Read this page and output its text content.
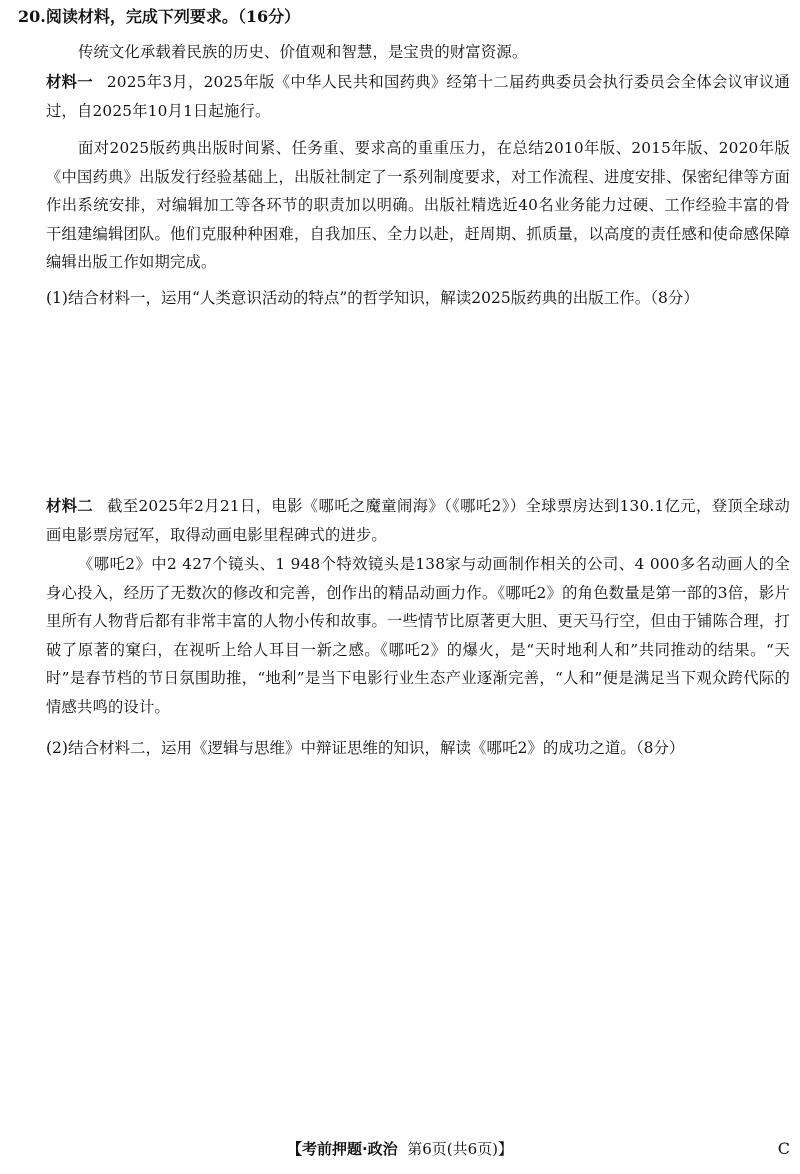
20.阅读材料，完成下列要求。（16分）
传统文化承载着民族的历史、价值观和智慧，是宝贵的财富资源。
材料一 2025年3月，2025年版《中华人民共和国药典》经第十二届药典委员会执行委员会全体会议审议通过，自2025年10月1日起施行。
面对2025版药典出版时间紧、任务重、要求高的重重压力，在总结2010年版、2015年版、2020年版《中国药典》出版发行经验基础上，出版社制定了一系列制度要求，对工作流程、进度安排、保密纪律等方面作出系统安排，对编辑加工等各环节的职责加以明确。出版社精选近40名业务能力过硬、工作经验丰富的骨干组建编辑团队。他们克服种种困难，自我加压、全力以赴，赶周期、抓质量，以高度的责任感和使命感保障编辑出版工作如期完成。
(1)结合材料一，运用“人类意识活动的特点”的哲学知识，解读2025版药典的出版工作。（8分）
材料二 截至2025年2月21日，电影《哪吒之魔童闹海》（《哪吒2》）全球票房达到130.1亿元，登顶全球动画电影票房冠军，取得动画电影里程碑式的进步。
《哪吒2》中2 427个镜头、1 948个特效镜头是138家与动画制作相关的公司、4 000多名动画人的全身心投入，经历了无数次的修改和完善，创作出的精品动画力作。《哪吒2》的角色数量是第一部的3倍，影片里所有人物背后都有非常丰富的人物小传和故事。一些情节比原著更大胆、更天马行空，但由于铺陈合理，打破了原著的窠臼，在视听上给人耳目一新之感。《哪吒2》的爆火，是“天时地利人和”共同推动的结果。“天时”是春节档的节日氛围助推，“地利”是当下电影行业生态产业逐渐完善，“人和”便是满足当下观众跨代际的情感共鸣的设计。
(2)结合材料二，运用《逻辑与思维》中辩证思维的知识，解读《哪吒2》的成功之道。（8分）
【考前押题·政治 第6页(共6页)】	C
